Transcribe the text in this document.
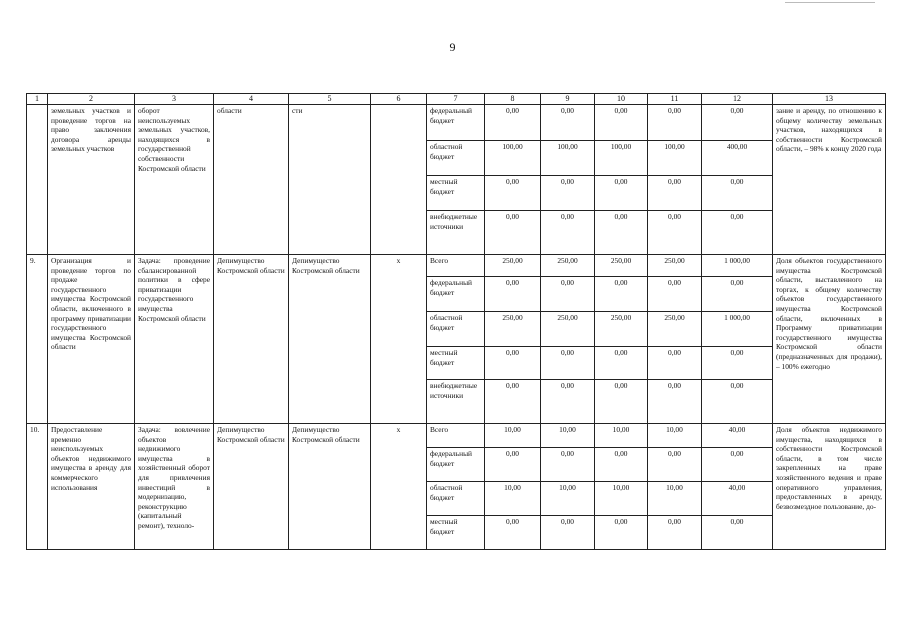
9
1	2	3	4	5	6	7	8	9	10	11	12	13
	земельных участков и проведение торгов на право заключения договора аренды земельных участков	оборот неиспользуемых земельных участков, находящихся в государственной собственности Костромской области	области	сти		федеральный бюджет	0,00	0,00	0,00	0,00	0,00	зание и аренду, по отношению к общему количеству земельных участков, находящихся в собственности Костромской области, – 98% к концу 2020 года
						областной бюджет	100,00	100,00	100,00	100,00	400,00	
						местный бюджет	0,00	0,00	0,00	0,00	0,00	
						внебюджетные источники	0,00	0,00	0,00	0,00	0,00	
9.	Организация и проведение торгов по продаже государственного имущества Костромской области, включенного в программу приватизации государственного имущества Костромской области	Задача: проведение сбалансированной политики в сфере приватизации государственного имущества Костромской области	Депимущество Костромской области	Депимущество Костромской области	х	Всего	250,00	250,00	250,00	250,00	1 000,00	Доля объектов государственного имущества Костромской области, выставленного на торгах, к общему количеству объектов государственного имущества Костромской области, включенных в Программу приватизации государственного имущества Костромской области (предназначенных для продажи), – 100% ежегодно
						федеральный бюджет	0,00	0,00	0,00	0,00	0,00	
						областной бюджет	250,00	250,00	250,00	250,00	1 000,00	
						местный бюджет	0,00	0,00	0,00	0,00	0,00	
						внебюджетные источники	0,00	0,00	0,00	0,00	0,00	
10.	Предоставление временно неиспользуемых объектов недвижимого имущества в аренду для коммерческого использования	Задача: вовлечение объектов недвижимого имущества в хозяйственный оборот для привлечения инвестиций в модернизацию, реконструкцию (капитальный ремонт), техноло-	Депимущество Костромской области	Депимущество Костромской области	х	Всего	10,00	10,00	10,00	10,00	40,00	Доля объектов недвижимого имущества, находящихся в собственности Костромской области, в том числе закрепленных на праве хозяйственного ведения и праве оперативного управления, предоставленных в аренду, безвозмездное пользование, до-
						федеральный бюджет	0,00	0,00	0,00	0,00	0,00	
						областной бюджет	10,00	10,00	10,00	10,00	40,00	
						местный бюджет	0,00	0,00	0,00	0,00	0,00	
